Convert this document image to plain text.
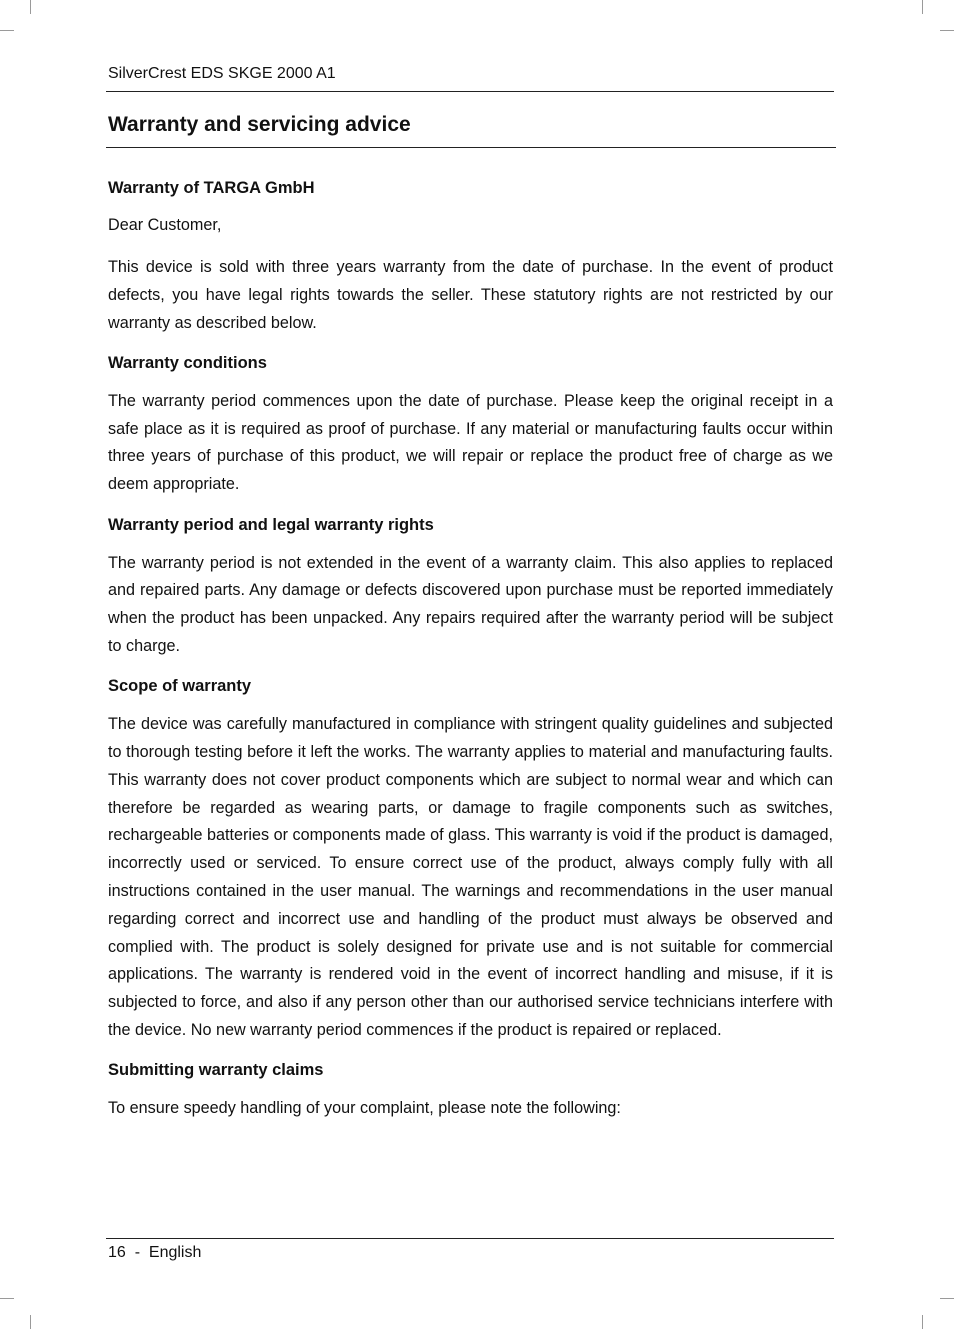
SilverCrest EDS SKGE 2000 A1
Warranty and servicing advice
Warranty of TARGA GmbH

Dear Customer,

This device is sold with three years warranty from the date of purchase. In the event of product defects, you have legal rights towards the seller. These statutory rights are not restricted by our warranty as described below.

Warranty conditions

The warranty period commences upon the date of purchase. Please keep the original receipt in a safe place as it is required as proof of purchase. If any material or manufacturing faults occur within three years of purchase of this product, we will repair or replace the product free of charge as we deem appropriate.

Warranty period and legal warranty rights

The warranty period is not extended in the event of a warranty claim. This also applies to replaced and repaired parts. Any damage or defects discovered upon purchase must be reported immediately when the product has been unpacked. Any repairs required after the warranty period will be subject to charge.

Scope of warranty

The device was carefully manufactured in compliance with stringent quality guidelines and subjected to thorough testing before it left the works. The warranty applies to material and manufacturing faults. This warranty does not cover product components which are subject to normal wear and which can therefore be regarded as wearing parts, or damage to fragile components such as switches, rechargeable batteries or components made of glass. This warranty is void if the product is damaged, incorrectly used or serviced. To ensure correct use of the product, always comply fully with all instructions contained in the user manual. The warnings and recommendations in the user manual regarding correct and incorrect use and handling of the product must always be observed and complied with. The product is solely designed for private use and is not suitable for commercial applications. The warranty is rendered void in the event of incorrect handling and misuse, if it is subjected to force, and also if any person other than our authorised service technicians interfere with the device. No new warranty period commences if the product is repaired or replaced.

Submitting warranty claims

To ensure speedy handling of your complaint, please note the following:

16 - English
